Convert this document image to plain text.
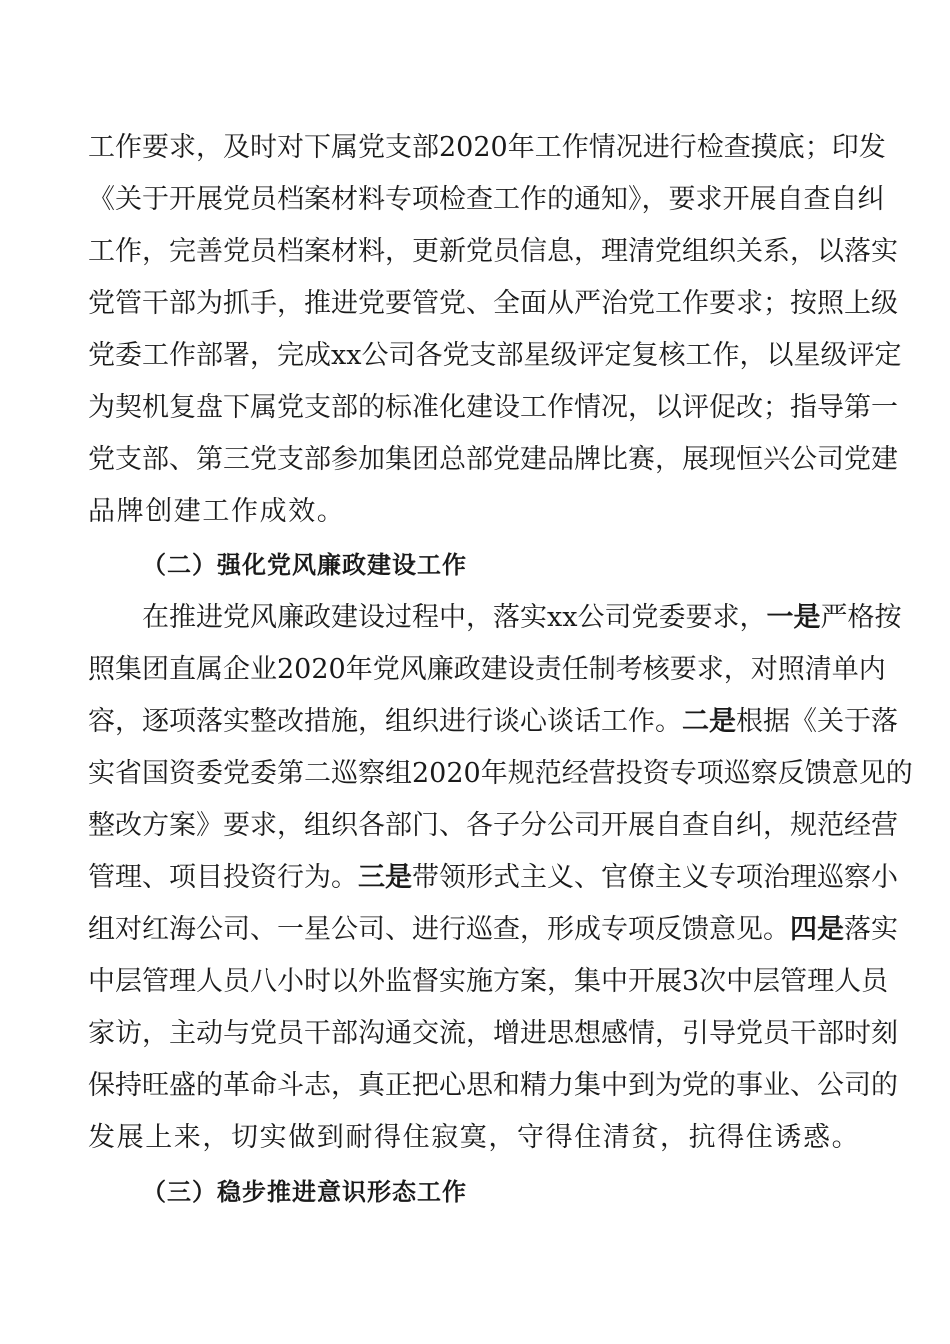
工作要求，及时对下属党支部2020年工作情况进行检查摸底；印发
《关于开展党员档案材料专项检查工作的通知》，要求开展自查自纠
工作，完善党员档案材料，更新党员信息，理清党组织关系，以落实
党管干部为抓手，推进党要管党、全面从严治党工作要求；按照上级
党委工作部署，完成xx公司各党支部星级评定复核工作，以星级评定
为契机复盘下属党支部的标准化建设工作情况，以评促改；指导第一
党支部、第三党支部参加集团总部党建品牌比赛，展现恒兴公司党建
品牌创建工作成效。
（二）强化党风廉政建设工作
在推进党风廉政建设过程中，落实xx公司党委要求，一是严格按
照集团直属企业2020年党风廉政建设责任制考核要求，对照清单内
容，逐项落实整改措施，组织进行谈心谈话工作。二是根据《关于落
实省国资委党委第二巡察组2020年规范经营投资专项巡察反馈意见的
整改方案》要求，组织各部门、各子分公司开展自查自纠，规范经营
管理、项目投资行为。三是带领形式主义、官僚主义专项治理巡察小
组对红海公司、一星公司、进行巡查，形成专项反馈意见。四是落实
中层管理人员八小时以外监督实施方案，集中开展3次中层管理人员
家访，主动与党员干部沟通交流，增进思想感情，引导党员干部时刻
保持旺盛的革命斗志，真正把心思和精力集中到为党的事业、公司的
发展上来，切实做到耐得住寂寞，守得住清贫，抗得住诱惑。
（三）稳步推进意识形态工作
